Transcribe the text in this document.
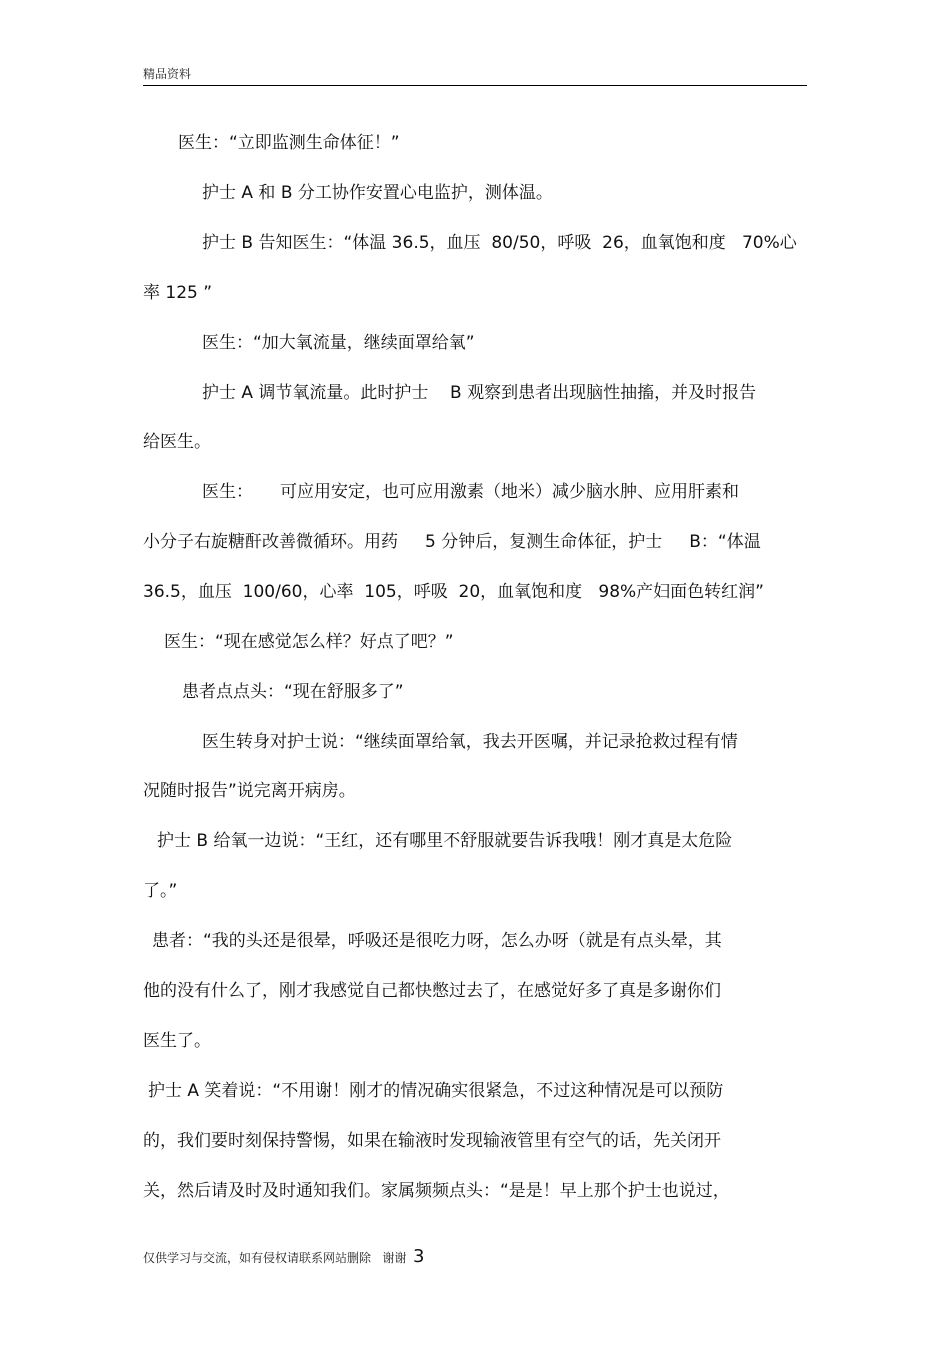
精品资料
医生：“立即监测生命体征！”
护士 A 和 B 分工协作安置心电监护，测体温。
护士 B 告知医生：“体温 36.5，血压  80/50，呼吸  26，血氧饱和度   70%心
率 125 ”
医生：“加大氧流量，继续面罩给氧”
护士 A 调节氧流量。此时护士    B 观察到患者出现脑性抽搐，并及时报告
给医生。
医生：     可应用安定，也可应用激素（地米）减少脑水肿、应用肝素和
小分子右旋糖酐改善微循环。用药     5 分钟后，复测生命体征，护士     B：“体温
36.5，血压  100/60，心率  105，呼吸  20，血氧饱和度   98%产妇面色转红润”
医生：“现在感觉怎么样？好点了吧？”
患者点点头：“现在舒服多了”
医生转身对护士说：“继续面罩给氧，我去开医嘱，并记录抢救过程有情
况随时报告”说完离开病房。
护士 B 给氧一边说：“王红，还有哪里不舒服就要告诉我哦！刚才真是太危险
了。”
患者：“我的头还是很晕，呼吸还是很吃力呀，怎么办呀（就是有点头晕，其
他的没有什么了，刚才我感觉自己都快憋过去了，在感觉好多了真是多谢你们
医生了。
护士 A 笑着说：“不用谢！刚才的情况确实很紧急，不过这种情况是可以预防
的，我们要时刻保持警惕，如果在输液时发现输液管里有空气的话，先关闭开
关，然后请及时及时通知我们。家属频频点头：“是是！早上那个护士也说过，
仅供学习与交流，如有侵权请联系网站删除   谢谢 3
